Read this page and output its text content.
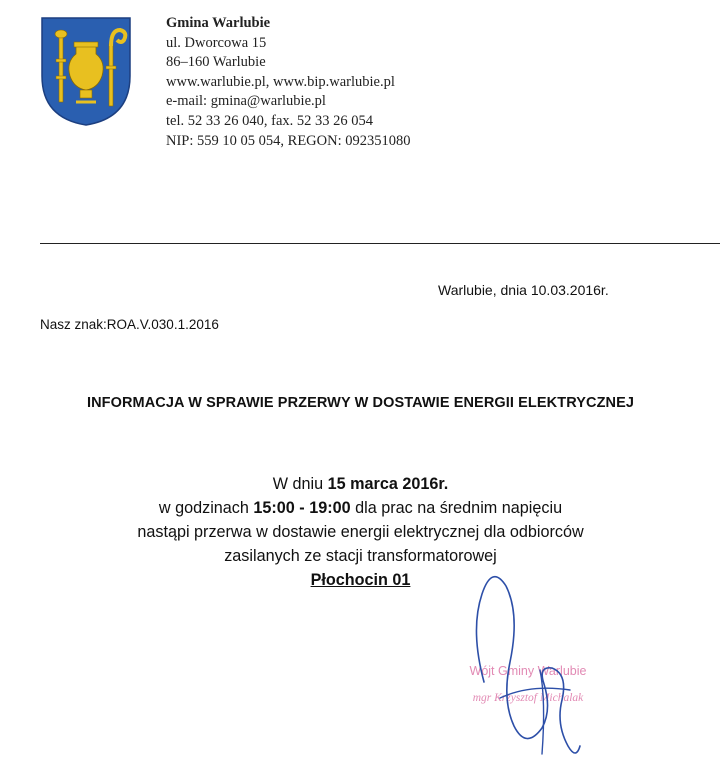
Gmina Warlubie
ul. Dworcowa 15
86–160 Warlubie
www.warlubie.pl, www.bip.warlubie.pl
e-mail: gmina@warlubie.pl
tel. 52 33 26 040, fax. 52 33 26 054
NIP: 559 10 05 054, REGON: 092351080
Warlubie, dnia 10.03.2016r.
Nasz znak:ROA.V.030.1.2016
INFORMACJA W SPRAWIE PRZERWY W DOSTAWIE ENERGII ELEKTRYCZNEJ
W dniu 15 marca 2016r.
w godzinach 15:00 - 19:00 dla prac na średnim napięciu
nastąpi przerwa w dostawie energii elektrycznej dla odbiorców
zasilanych ze stacji transformatorowej
Płochocin 01
Wójt Gminy Warlubie
mgr Krzysztof Michalak
